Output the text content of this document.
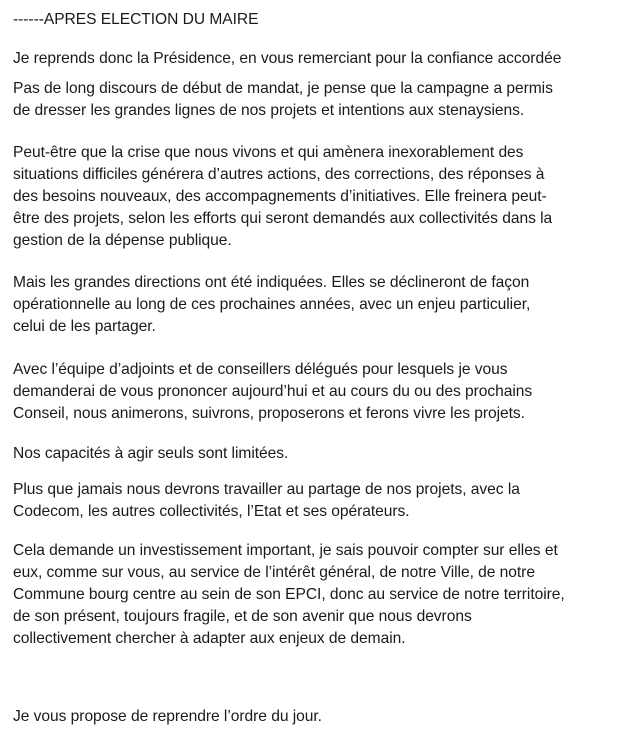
------APRES ELECTION DU MAIRE

Je reprends donc la Présidence, en vous remerciant pour la confiance accordée

Pas de long discours de début de mandat, je pense que la campagne a permis
de dresser les grandes lignes de nos projets et intentions aux stenaysiens.

Peut-être que la crise que nous vivons et qui amènera inexorablement des
situations difficiles générera d’autres actions, des corrections, des réponses à
des besoins nouveaux, des accompagnements d’initiatives. Elle freinera peut-
être des projets, selon les efforts qui seront demandés aux collectivités dans la
gestion de la dépense publique.

Mais les grandes directions ont été indiquées. Elles se déclineront de façon
opérationnelle au long de ces prochaines années, avec un enjeu particulier,
celui de les partager.

Avec l’équipe d’adjoints et de conseillers délégués pour lesquels je vous
demanderai de vous prononcer aujourd’hui et au cours du ou des prochains
Conseil, nous animerons, suivrons, proposerons et ferons vivre les projets.

Nos capacités à agir seuls sont limitées.

Plus que jamais nous devrons travailler au partage de nos projets, avec la
Codecom, les autres collectivités, l’Etat et ses opérateurs.

Cela demande un investissement important, je sais pouvoir compter sur elles et
eux, comme sur vous, au service de l’intérêt général, de notre Ville, de notre
Commune bourg centre au sein de son EPCI, donc au service de notre territoire,
de son présent, toujours fragile, et de son avenir que nous devrons
collectivement chercher à adapter aux enjeux de demain.

Je vous propose de reprendre l’ordre du jour.
